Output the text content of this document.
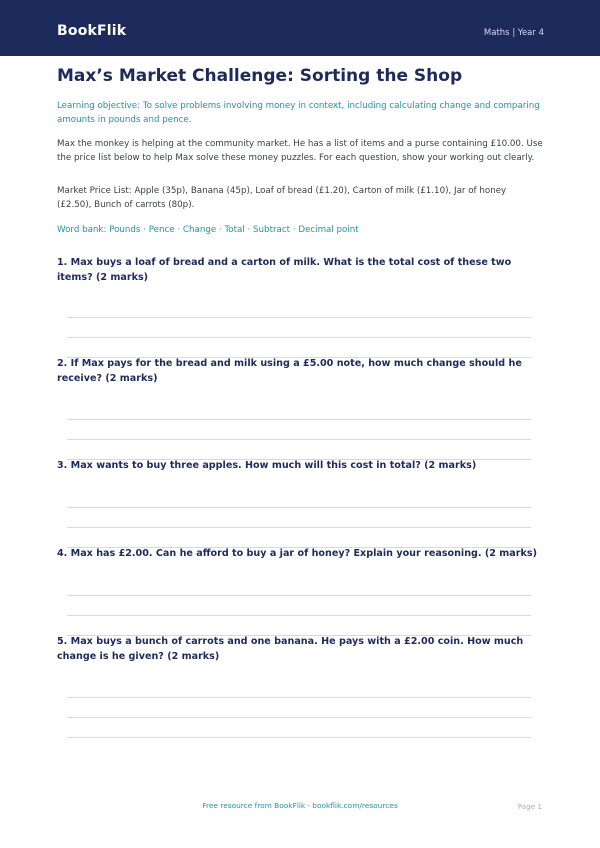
BookFlik	Maths | Year 4
Max’s Market Challenge: Sorting the Shop
Learning objective: To solve problems involving money in context, including calculating change and comparing amounts in pounds and pence.
Max the monkey is helping at the community market. He has a list of items and a purse containing £10.00. Use the price list below to help Max solve these money puzzles. For each question, show your working out clearly.
Market Price List: Apple (35p), Banana (45p), Loaf of bread (£1.20), Carton of milk (£1.10), Jar of honey (£2.50), Bunch of carrots (80p).
Word bank: Pounds · Pence · Change · Total · Subtract · Decimal point
1. Max buys a loaf of bread and a carton of milk. What is the total cost of these two items? (2 marks)
2. If Max pays for the bread and milk using a £5.00 note, how much change should he receive? (2 marks)
3. Max wants to buy three apples. How much will this cost in total? (2 marks)
4. Max has £2.00. Can he afford to buy a jar of honey? Explain your reasoning. (2 marks)
5. Max buys a bunch of carrots and one banana. He pays with a £2.00 coin. How much change is he given? (2 marks)
Free resource from BookFlik · bookflik.com/resources	Page 1
